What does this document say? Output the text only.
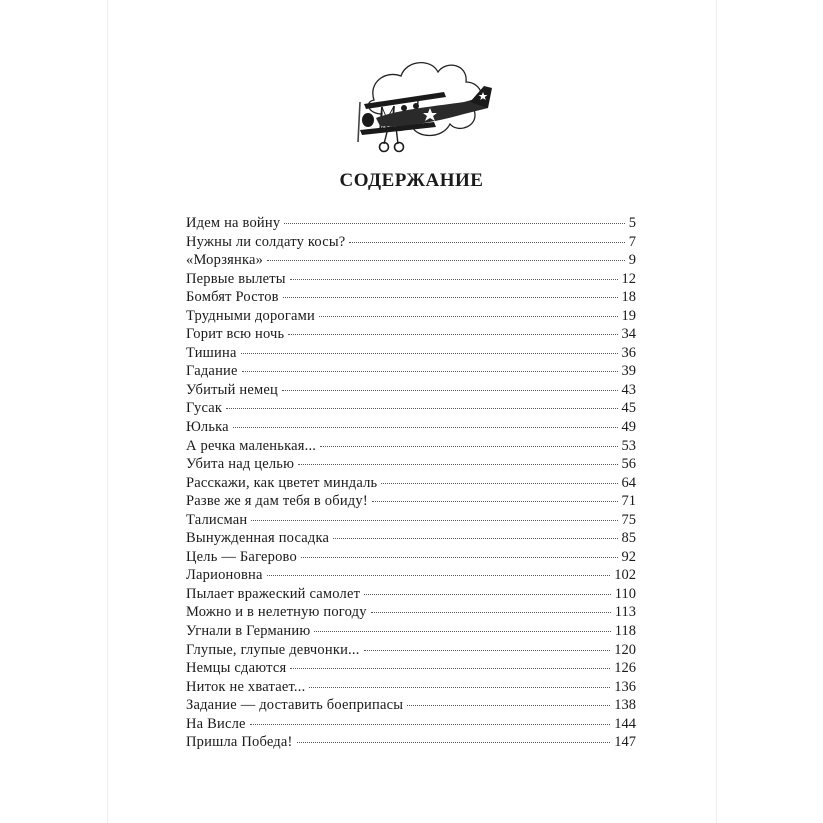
СОДЕРЖАНИЕ
Идем на войну	5
Нужны ли солдату косы?	7
«Морзянка»	9
Первые вылеты	12
Бомбят Ростов	18
Трудными дорогами	19
Горит всю ночь	34
Тишина	36
Гадание	39
Убитый немец	43
Гусак	45
Юлька	49
А речка маленькая...	53
Убита над целью	56
Расскажи, как цветет миндаль	64
Разве же я дам тебя в обиду!	71
Талисман	75
Вынужденная посадка	85
Цель — Багерово	92
Ларионовна	102
Пылает вражеский самолет	110
Можно и в нелетную погоду	113
Угнали в Германию	118
Глупые, глупые девчонки...	120
Немцы сдаются	126
Ниток не хватает...	136
Задание — доставить боеприпасы	138
На Висле	144
Пришла Победа!	147
